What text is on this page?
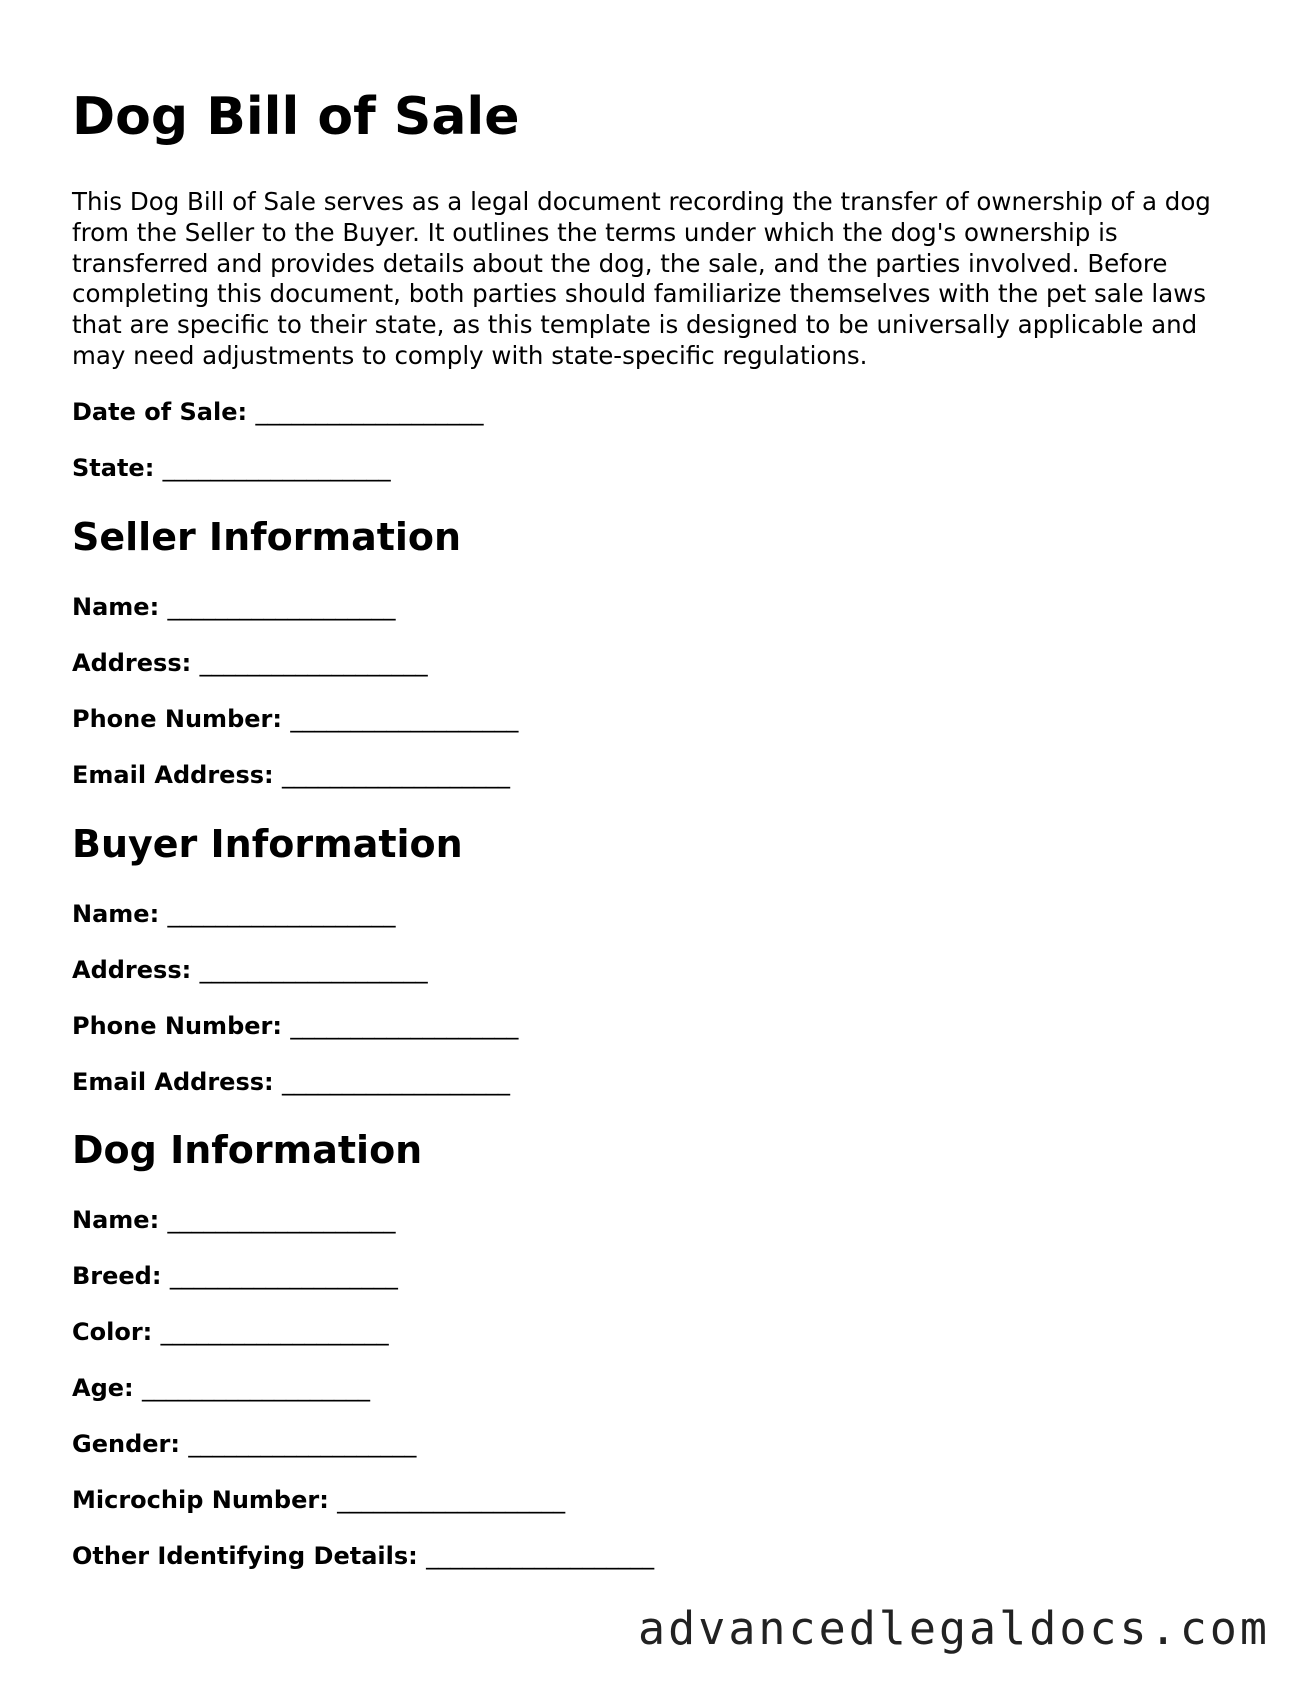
Dog Bill of Sale

This Dog Bill of Sale serves as a legal document recording the transfer of ownership of a dog from the Seller to the Buyer. It outlines the terms under which the dog's ownership is transferred and provides details about the dog, the sale, and the parties involved. Before completing this document, both parties should familiarize themselves with the pet sale laws that are specific to their state, as this template is designed to be universally applicable and may need adjustments to comply with state-specific regulations.

Date of Sale: ___________________

State: ___________________

Seller Information

Name: ___________________

Address: ___________________

Phone Number: ___________________

Email Address: ___________________

Buyer Information

Name: ___________________

Address: ___________________

Phone Number: ___________________

Email Address: ___________________

Dog Information

Name: ___________________

Breed: ___________________

Color: ___________________

Age: ___________________

Gender: ___________________

Microchip Number: ___________________

Other Identifying Details: ___________________

advancedlegaldocs.com
